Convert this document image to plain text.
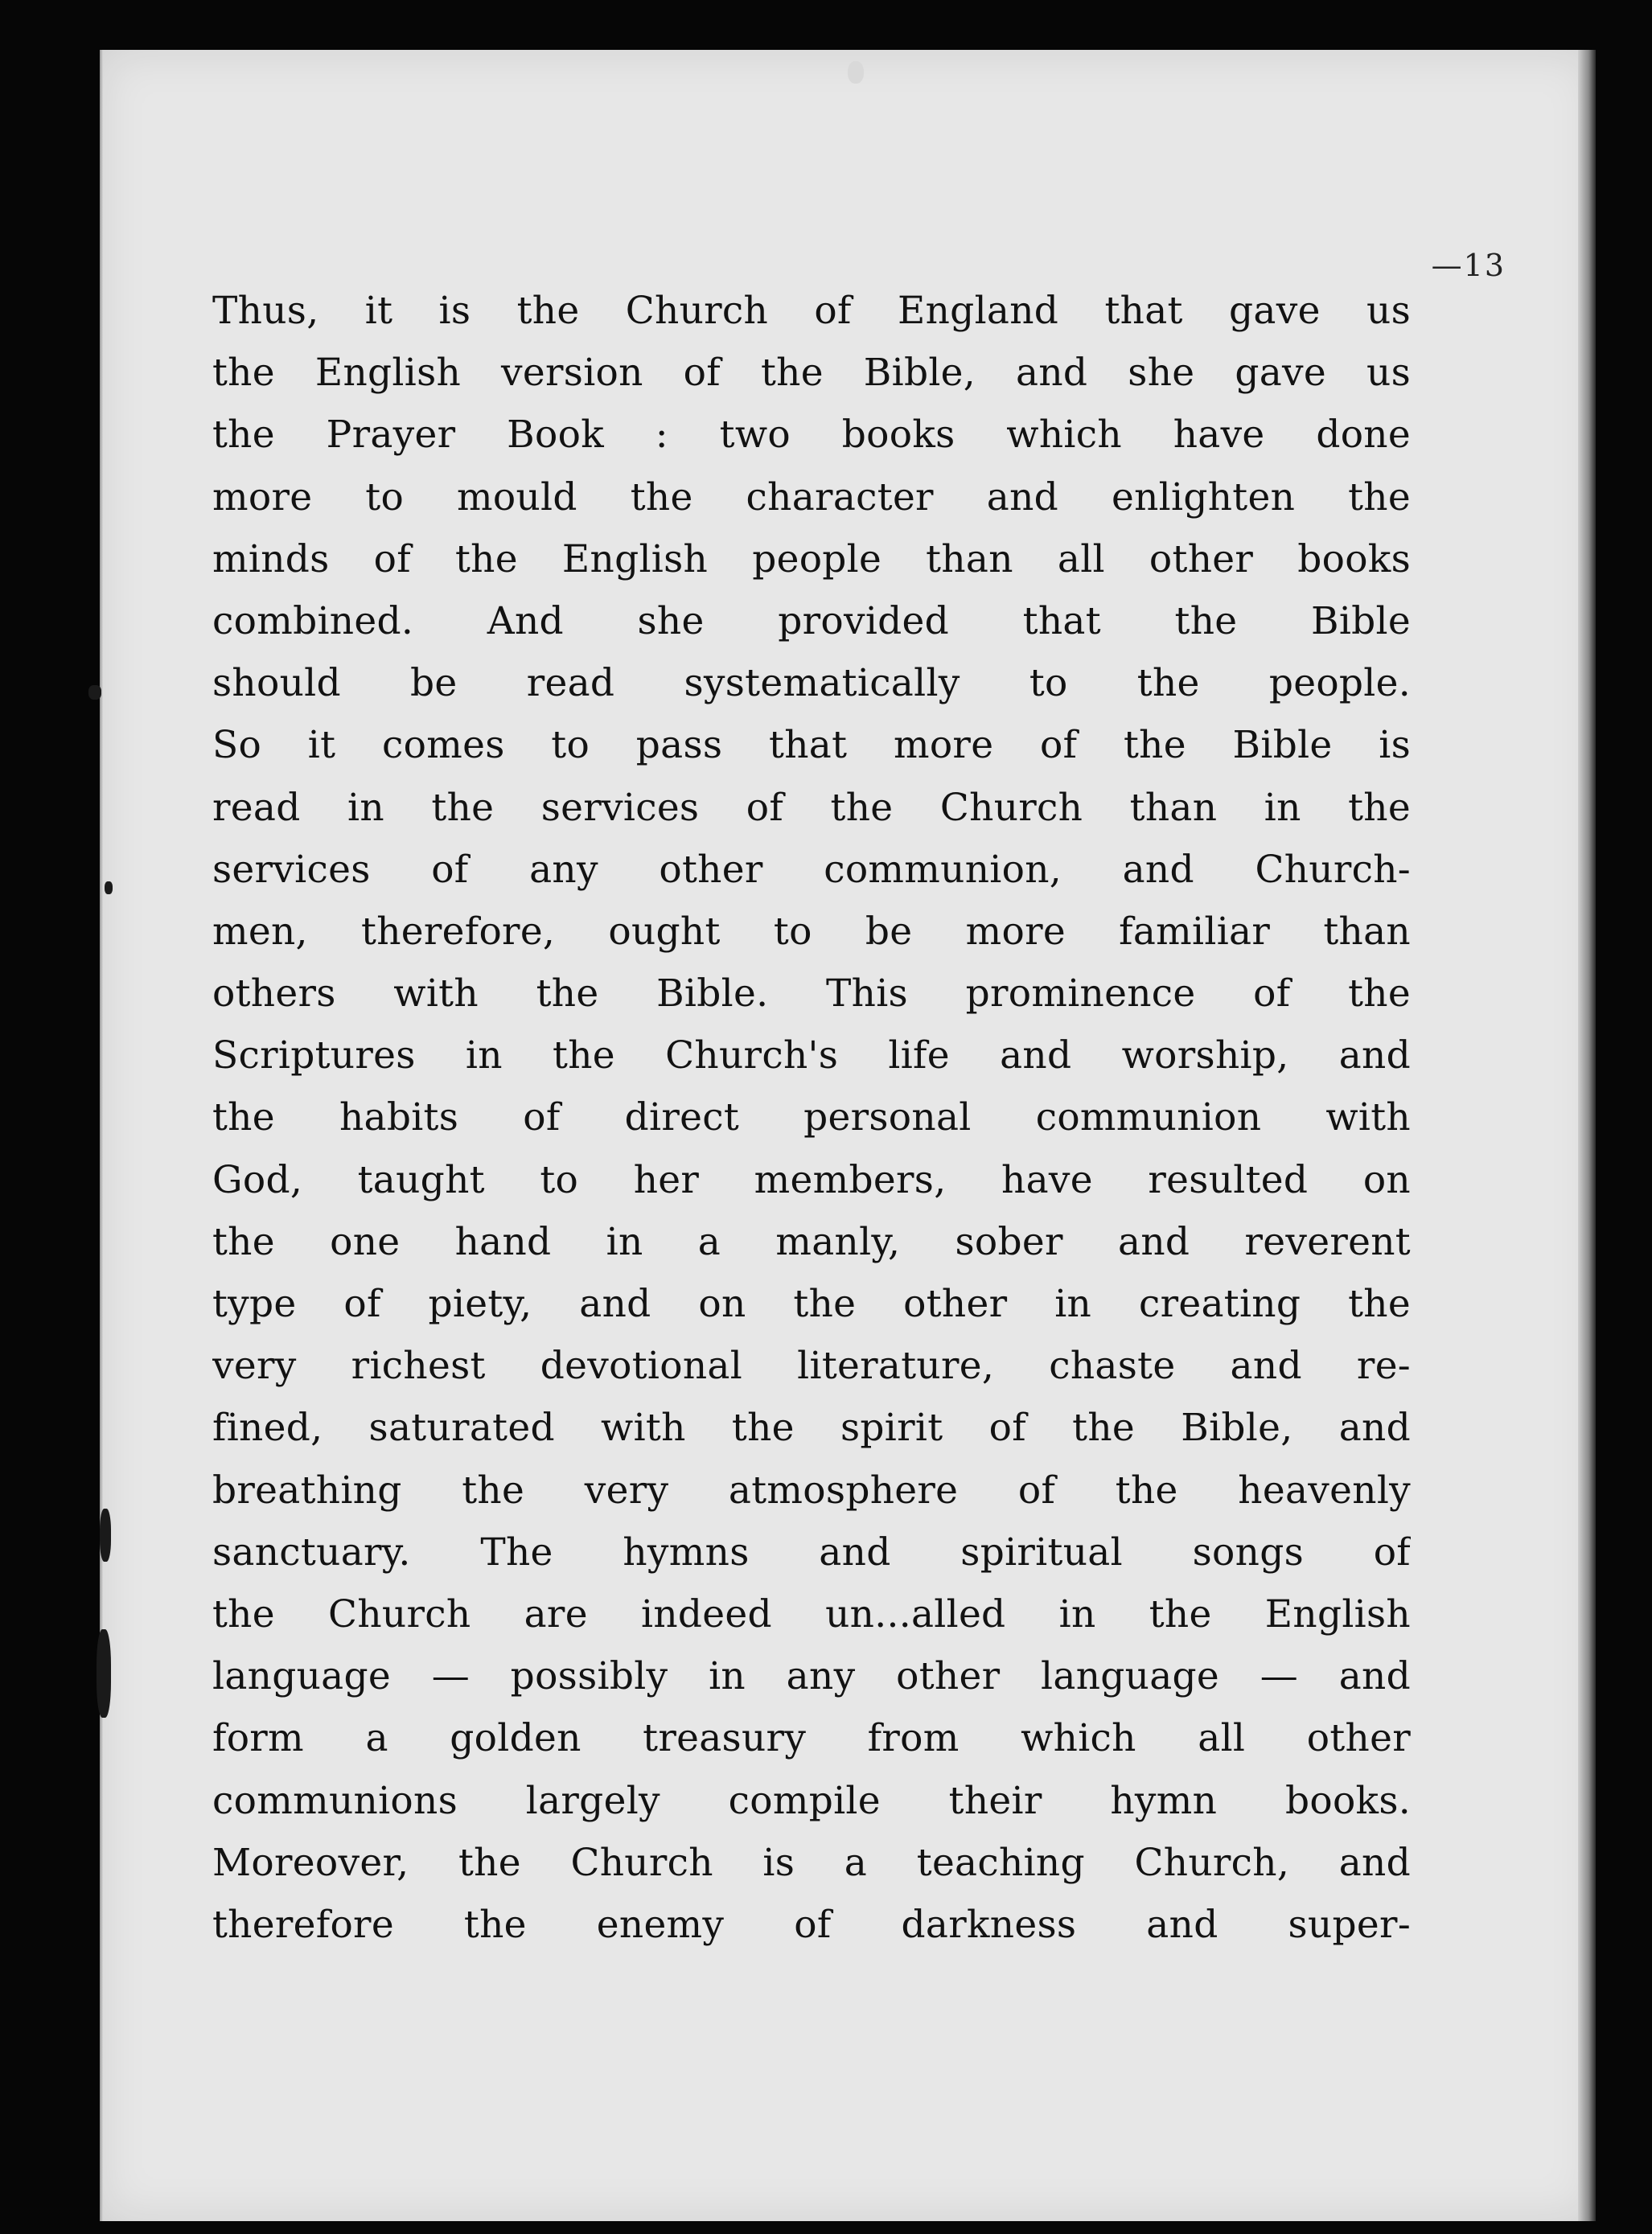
—13
Thus, it is the Church of England that gave us
the English version of the Bible, and she gave us
the Prayer Book : two books which have done
more to mould the character and enlighten the
minds of the English people than all other books
combined. And she provided that the Bible
should be read systematically to the people.
So it comes to pass that more of the Bible is
read in the services of the Church than in the
services of any other communion, and Church-
men, therefore, ought to be more familiar than
others with the Bible. This prominence of the
Scriptures in the Church's life and worship, and
the habits of direct personal communion with
God, taught to her members, have resulted on
the one hand in a manly, sober and reverent
type of piety, and on the other in creating the
very richest devotional literature, chaste and re-
fined, saturated with the spirit of the Bible, and
breathing the very atmosphere of the heavenly
sanctuary. The hymns and spiritual songs of
the Church are indeed un...alled in the English
language — possibly in any other language — and
form a golden treasury from which all other
communions largely compile their hymn books.
Moreover, the Church is a teaching Church, and
therefore the enemy of darkness and super-
